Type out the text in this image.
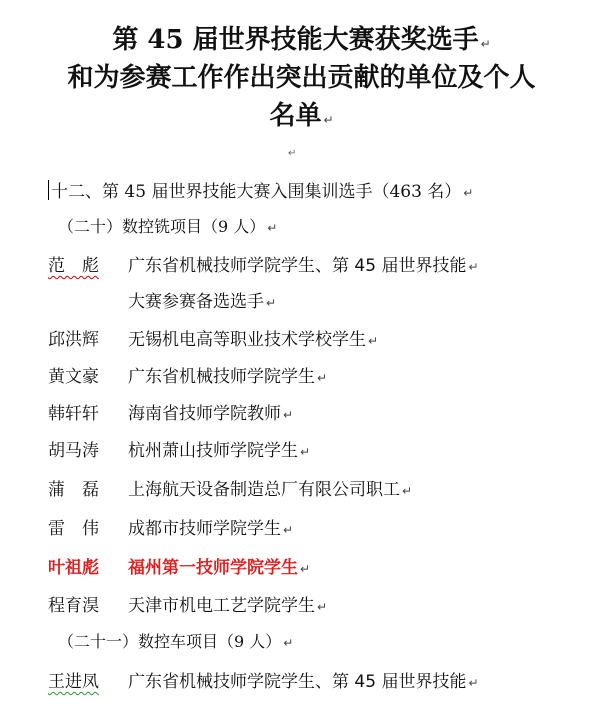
第 45 届世界技能大赛获奖选手 ↵
和为参赛工作作出突出贡献的单位及个人
名单 ↵
↵
十二、第 45 届世界技能大赛入围集训选手（463 名） ↵
（二十）数控铣项目（9 人） ↵
范　彪 广东省机械技师学院学生、第 45 届世界技能 ↵
大赛参赛备选选手 ↵
邱洪辉 无锡机电高等职业技术学校学生 ↵
黄文豪 广东省机械技师学院学生 ↵
韩轩轩 海南省技师学院教师 ↵
胡马涛 杭州萧山技师学院学生 ↵
蒲　磊 上海航天设备制造总厂有限公司职工 ↵
雷　伟 成都市技师学院学生 ↵
叶祖彪 福州第一技师学院学生 ↵
程育淏 天津市机电工艺学院学生 ↵
（二十一）数控车项目（9 人） ↵
王进凤 广东省机械技师学院学生、第 45 届世界技能 ↵
